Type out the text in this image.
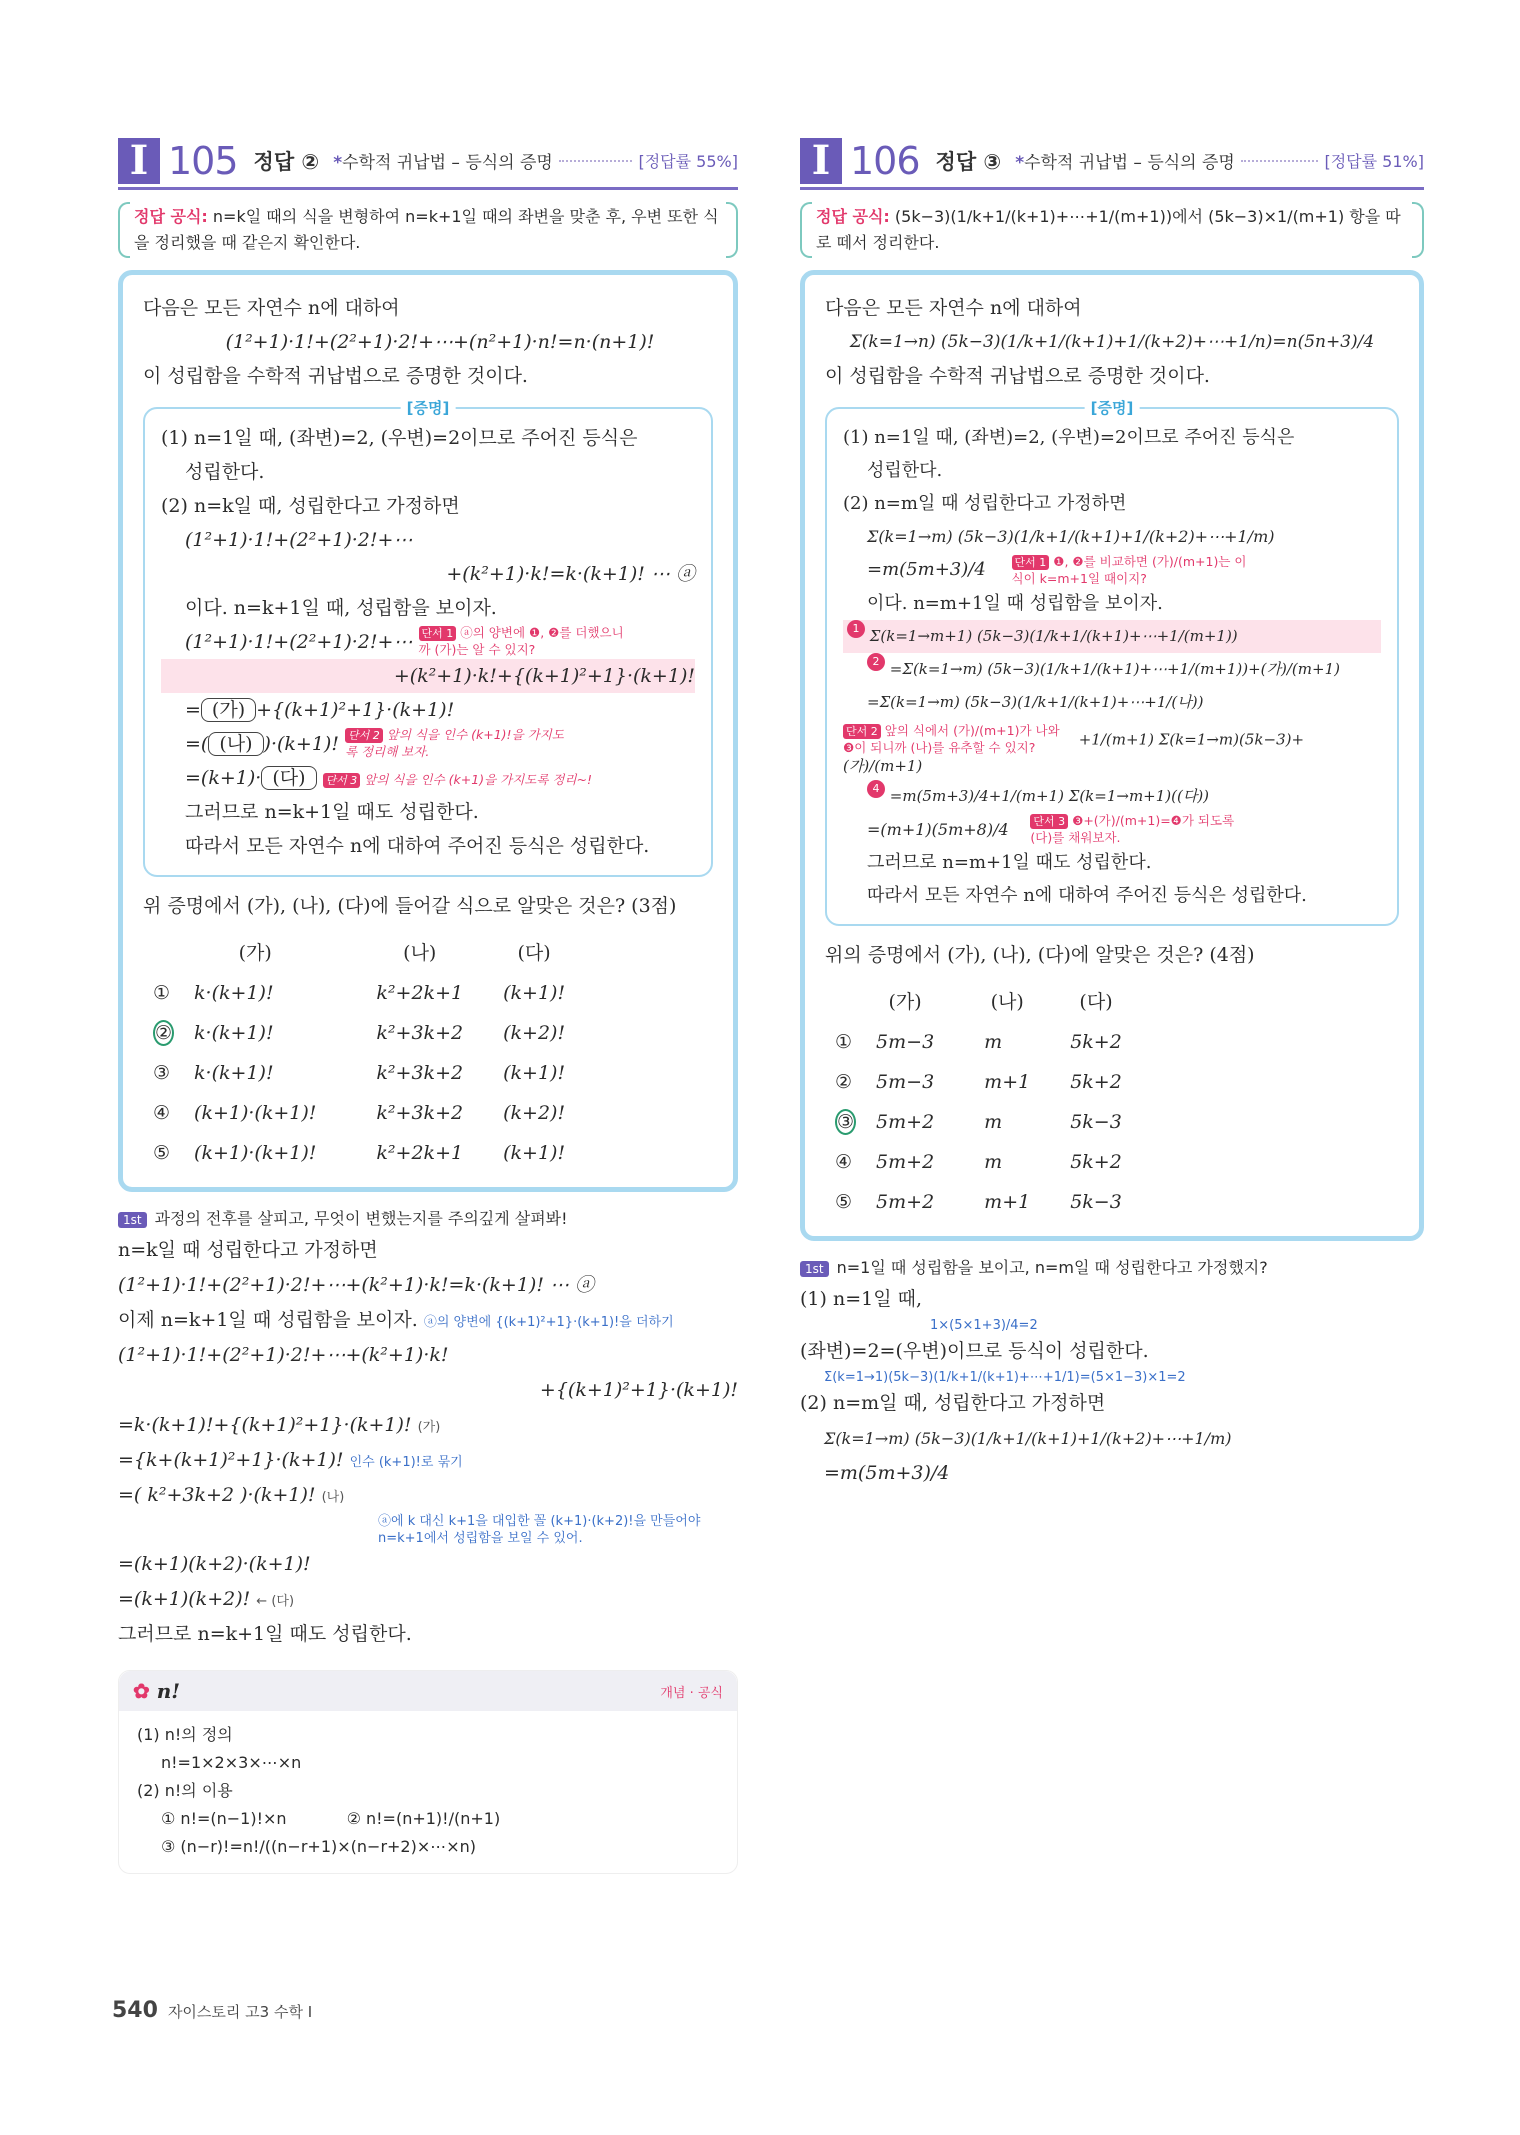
I 105 정답 ② *수학적 귀납법 – 등식의 증명	[정답률 55%]
정답 공식: n=k일 때의 식을 변형하여 n=k+1일 때의 좌변을 맞춘 후, 우변 또한 식을 정리했을 때 같은지 확인한다.
다음은 모든 자연수 n에 대하여
(1²+1)·1!+(2²+1)·2!+⋯+(n²+1)·n!=n·(n+1)!
이 성립함을 수학적 귀납법으로 증명한 것이다.
[증명]
(1) n=1일 때, (좌변)=2, (우변)=2이므로 주어진 등식은
성립한다.
(2) n=k일 때, 성립한다고 가정하면
(1²+1)·1!+(2²+1)·2!+⋯
+(k²+1)·k!=k·(k+1)! ⋯ ⓐ
이다. n=k+1일 때, 성립함을 보이자.
(1²+1)·1!+(2²+1)·2!+⋯ 단서 1 ⓐ의 양변에 ❶, ❷를 더했으니까 (가)는 알 수 있지?
+(k²+1)·k!+{(k+1)²+1}·(k+1)!
= (가) +{(k+1)²+1}·(k+1)!
=( (나) )·(k+1)! 단서 2 앞의 식을 인수 (k+1)!을 가지도록 정리해 보자.
=(k+1)· (다) 단서 3 앞의 식을 인수 (k+1)을 가지도록 정리~!
그러므로 n=k+1일 때도 성립한다.
따라서 모든 자연수 n에 대하여 주어진 등식은 성립한다.
위 증명에서 (가), (나), (다)에 들어갈 식으로 알맞은 것은? (3점)
	(가)	(나)	(다)
①	k·(k+1)!	k²+2k+1	(k+1)!
②	k·(k+1)!	k²+3k+2	(k+2)!
③	k·(k+1)!	k²+3k+2	(k+1)!
④	(k+1)·(k+1)!	k²+3k+2	(k+2)!
⑤	(k+1)·(k+1)!	k²+2k+1	(k+1)!
1st 과정의 전후를 살피고, 무엇이 변했는지를 주의깊게 살펴봐!
n=k일 때 성립한다고 가정하면
(1²+1)·1!+(2²+1)·2!+⋯+(k²+1)·k!=k·(k+1)! ⋯ ⓐ
이제 n=k+1일 때 성립함을 보이자. ⓐ의 양변에 {(k+1)²+1}·(k+1)!을 더하기
(1²+1)·1!+(2²+1)·2!+⋯+(k²+1)·k!
+{(k+1)²+1}·(k+1)!
=k·(k+1)!+{(k+1)²+1}·(k+1)! (가)
={k+(k+1)²+1}·(k+1)! 인수 (k+1)!로 묶기
=( k²+3k+2 )·(k+1)! (나)
ⓐ에 k 대신 k+1을 대입한 꼴 (k+1)·(k+2)!을 만들어야 n=k+1에서 성립함을 보일 수 있어.
=(k+1)(k+2)·(k+1)!
=(k+1)(k+2)! ← (다)
그러므로 n=k+1일 때도 성립한다.
✿ n!	개념 · 공식
(1) n!의 정의
n!=1×2×3×⋯×n
(2) n!의 이용
① n!=(n−1)!×n	② n!=(n+1)!/(n+1)
③ (n−r)!=n!/((n−r+1)×(n−r+2)×⋯×n)
I 106 정답 ③ *수학적 귀납법 – 등식의 증명	[정답률 51%]
정답 공식: (5k−3)(1/k+1/(k+1)+⋯+1/(m+1))에서 (5k−3)×1/(m+1) 항을 따로 떼서 정리한다.
다음은 모든 자연수 n에 대하여
Σ(k=1→n) (5k−3)(1/k+1/(k+1)+1/(k+2)+⋯+1/n)=n(5n+3)/4
이 성립함을 수학적 귀납법으로 증명한 것이다.
[증명]
(1) n=1일 때, (좌변)=2, (우변)=2이므로 주어진 등식은
성립한다.
(2) n=m일 때 성립한다고 가정하면
Σ(k=1→m) (5k−3)(1/k+1/(k+1)+1/(k+2)+⋯+1/m)
=m(5m+3)/4	단서 1 ❶, ❷를 비교하면 (가)/(m+1)는 이 식이 k=m+1일 때이지?
이다. n=m+1일 때 성립함을 보이자.
1 Σ(k=1→m+1) (5k−3)(1/k+1/(k+1)+⋯+1/(m+1))
2 =Σ(k=1→m) (5k−3)(1/k+1/(k+1)+⋯+1/(m+1))+(가)/(m+1)
=Σ(k=1→m) (5k−3)(1/k+1/(k+1)+⋯+1/(나))
단서 2 앞의 식에서 (가)/(m+1)가 나와 ❸이 되니까 (나)를 유추할 수 있지?	+1/(m+1) Σ(k=1→m)(5k−3)+(가)/(m+1)
4 =m(5m+3)/4+1/(m+1) Σ(k=1→m+1)((다))
=(m+1)(5m+8)/4 단서 3 ❸+(가)/(m+1)=❹가 되도록 (다)를 채워보자.
그러므로 n=m+1일 때도 성립한다.
따라서 모든 자연수 n에 대하여 주어진 등식은 성립한다.
위의 증명에서 (가), (나), (다)에 알맞은 것은? (4점)
	(가)	(나)	(다)
①	5m−3	m	5k+2
②	5m−3	m+1	5k+2
③	5m+2	m	5k−3
④	5m+2	m	5k+2
⑤	5m+2	m+1	5k−3
1st n=1일 때 성립함을 보이고, n=m일 때 성립한다고 가정했지?
(1) n=1일 때,
1×(5×1+3)/4=2
(좌변)=2=(우변)이므로 등식이 성립한다.
Σ(k=1→1)(5k−3)(1/k+1/(k+1)+⋯+1/1)=(5×1−3)×1=2
(2) n=m일 때, 성립한다고 가정하면
Σ(k=1→m) (5k−3)(1/k+1/(k+1)+1/(k+2)+⋯+1/m)
=m(5m+3)/4
540 자이스토리 고3 수학 I
